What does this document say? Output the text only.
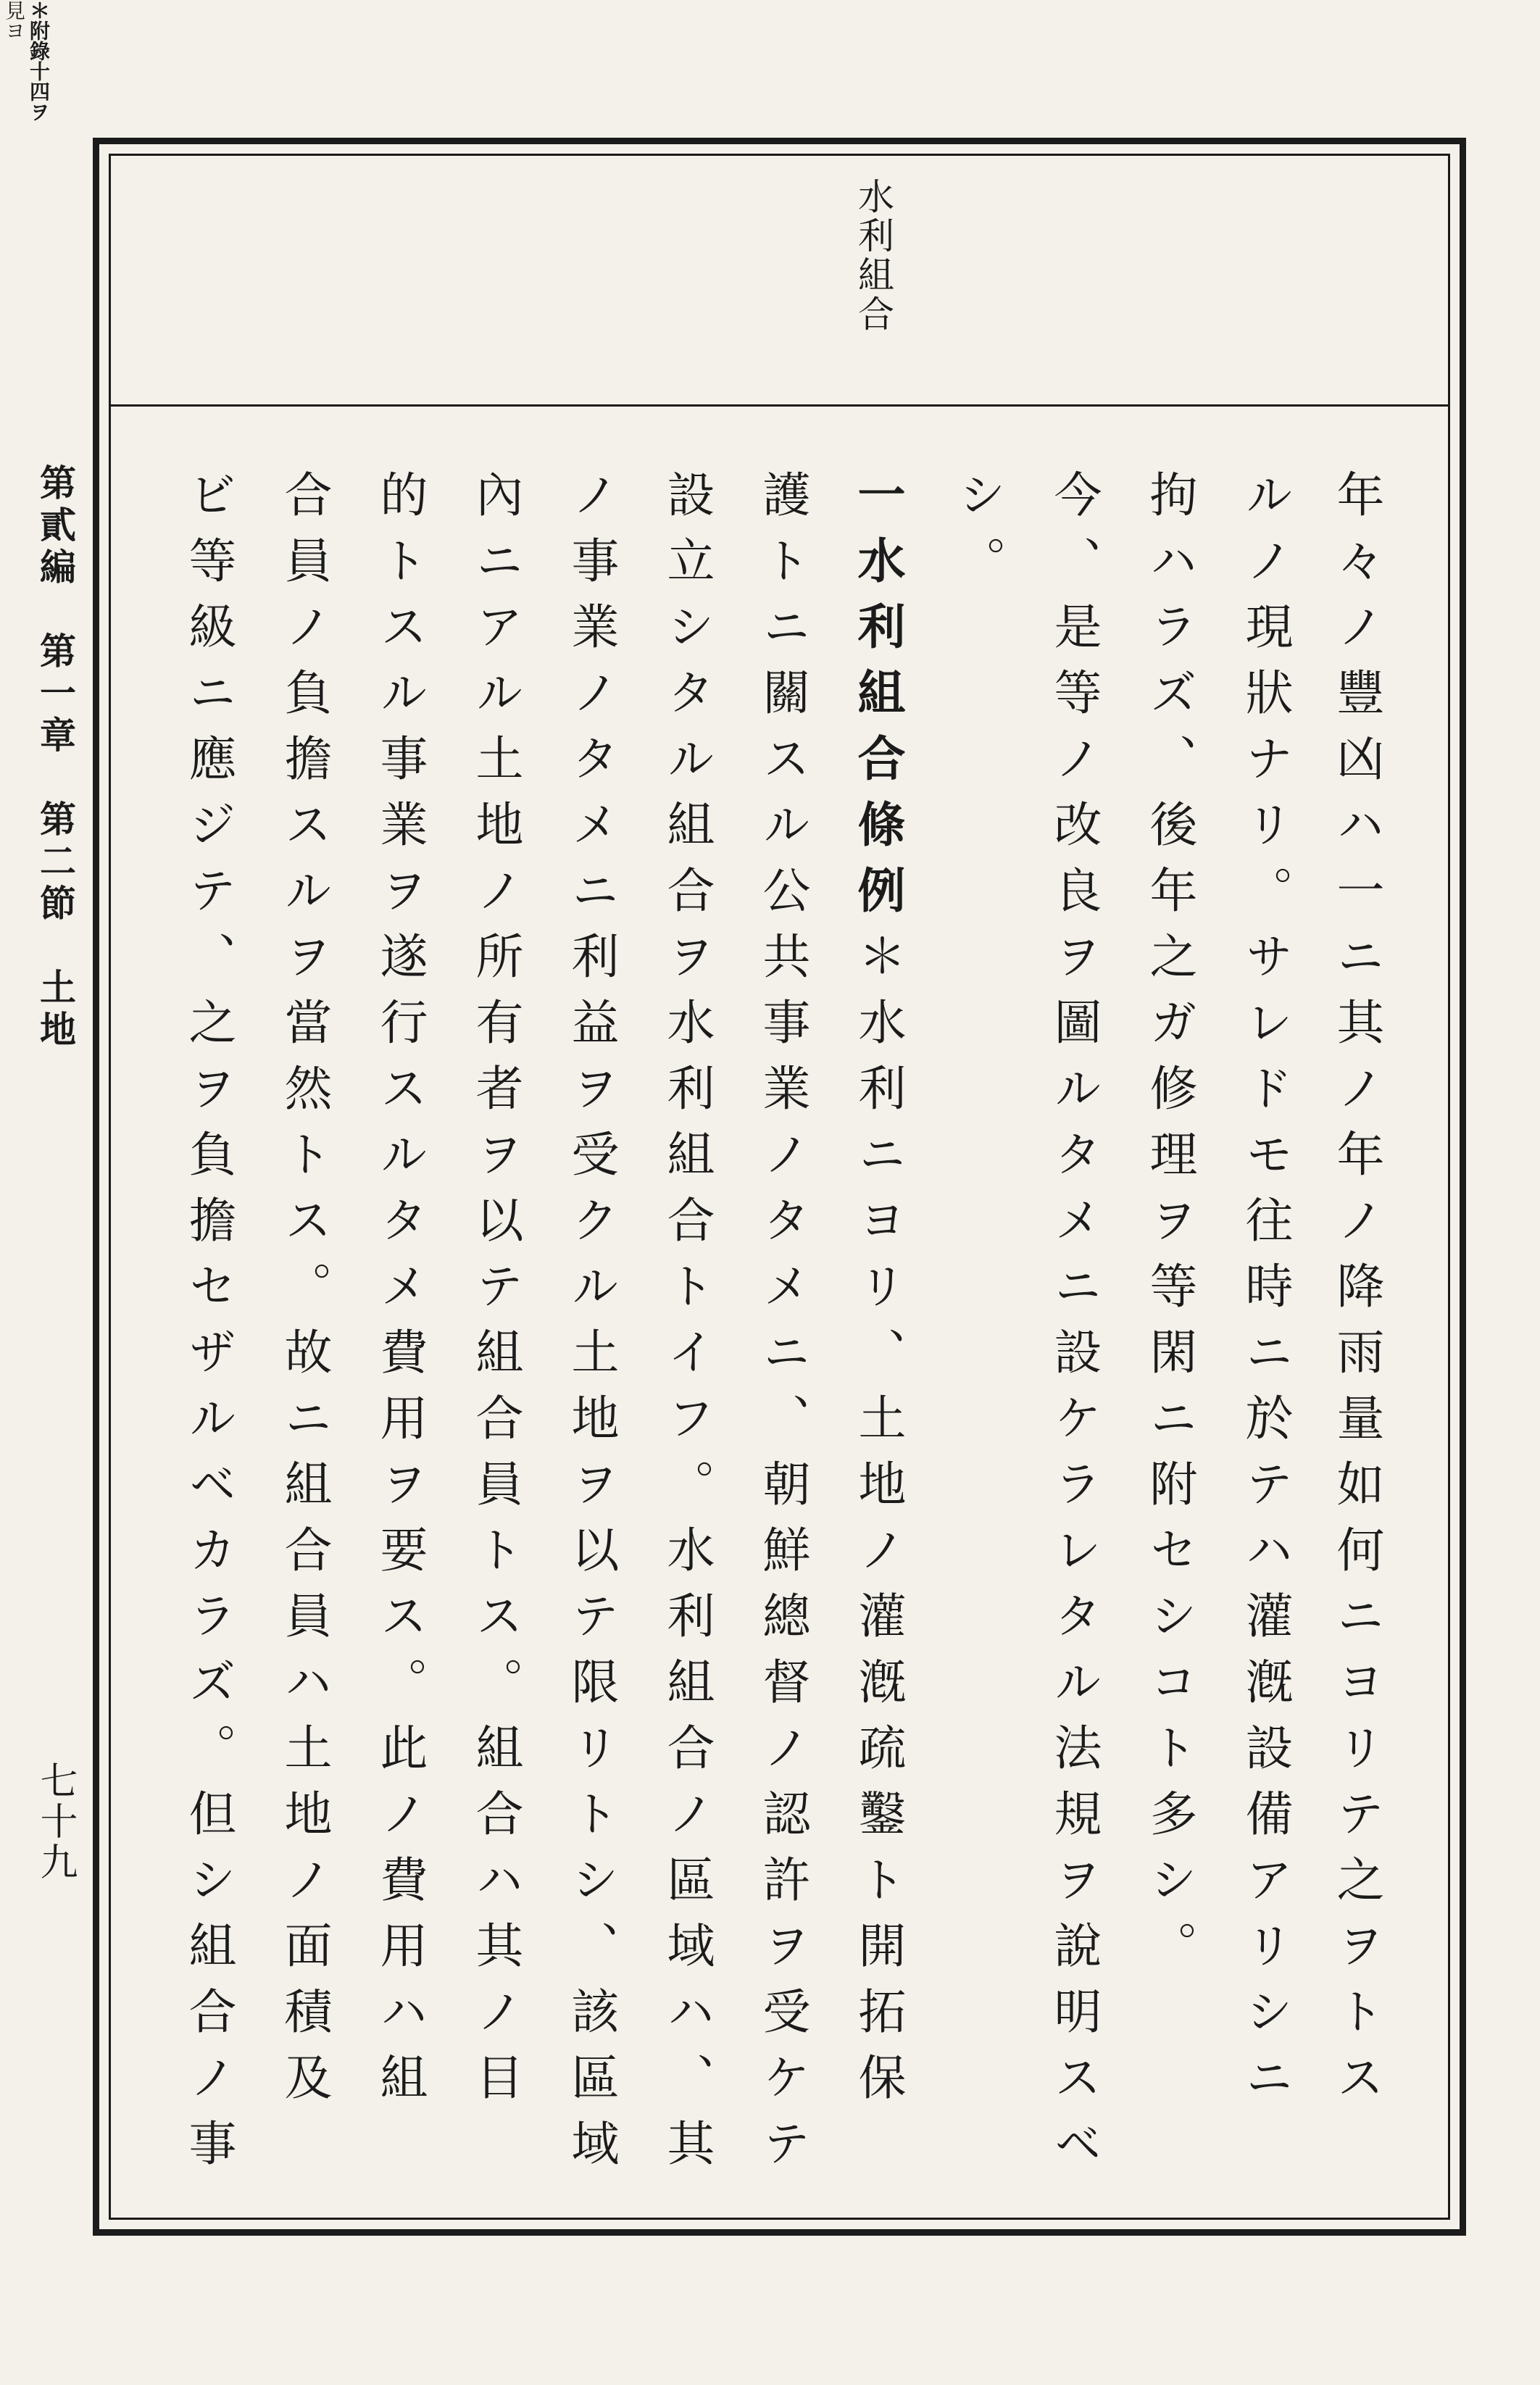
水利組合
＊附錄十四ヲ
見ヨ
年々ノ豐凶ハ一ニ其ノ年ノ降雨量如何ニヨリテ之ヲトス
ルノ現狀ナリ。サレドモ往時ニ於テハ灌漑設備アリシニ
拘ハラズ、後年之ガ修理ヲ等閑ニ附セシコト多シ。
今、是等ノ改良ヲ圖ルタメニ設ケラレタル法規ヲ說明スベ
シ。
一水利組合條例＊水利ニヨリ、土地ノ灌漑疏鑿ト開拓保
護トニ關スル公共事業ノタメニ、朝鮮總督ノ認許ヲ受ケテ
設立シタル組合ヲ水利組合トイフ。水利組合ノ區域ハ、其
ノ事業ノタメニ利益ヲ受クル土地ヲ以テ限リトシ、該區域
內ニアル土地ノ所有者ヲ以テ組合員トス。組合ハ其ノ目
的トスル事業ヲ遂行スルタメ費用ヲ要ス。此ノ費用ハ組
合員ノ負擔スルヲ當然トス。故ニ組合員ハ土地ノ面積及
ビ等級ニ應ジテ、之ヲ負擔セザルベカラズ。但シ組合ノ事
第貳編　第一章　第二節　土地
七十九
